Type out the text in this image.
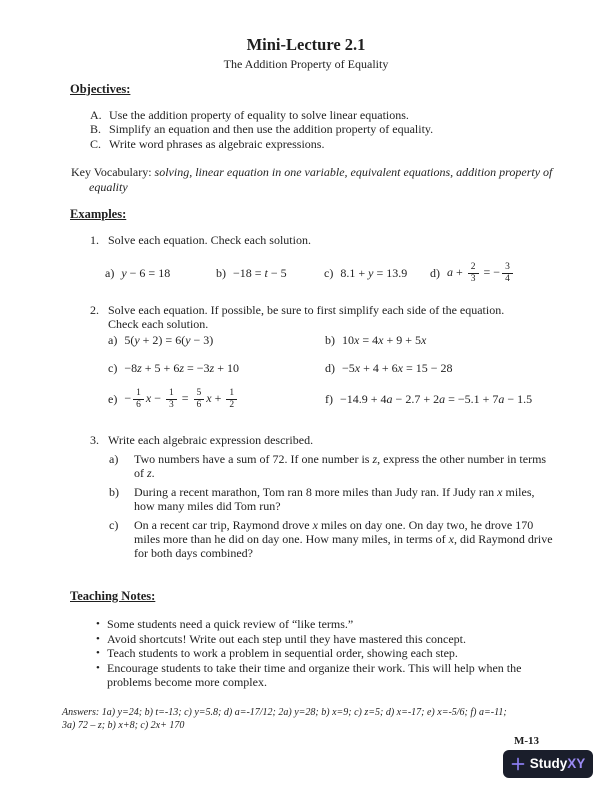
Mini-Lecture 2.1
The Addition Property of Equality
Objectives:
A. Use the addition property of equality to solve linear equations.
B. Simplify an equation and then use the addition property of equality.
C. Write word phrases as algebraic expressions.

Key Vocabulary: solving, linear equation in one variable, equivalent equations, addition property of equality

Examples:
1. Solve each equation. Check each solution.
a) y − 6 = 18	b) −18 = t − 5	c) 8.1 + y = 13.9 d) $a + \frac{2}{3}$ = − $\frac{3}{4}$
2. Solve each equation. If possible, be sure to first simplify each side of the equation.
Check each solution.
a) 5(y + 2) = 6(y − 3)	b) 10x = 4x + 9 + 5x
c) −8z + 5 + 6z = −3z + 10	d) −5x + 4 + 6x = 15 − 28
$e) - \frac{1}{6}$ $x - \frac{1}{3} = \frac{5}{6}$ $x + \frac{1}{2}$	f) −14.9 + 4a − 2.7 + 2a = −5.1 + 7a − 1.5
3. Write each algebraic expression described.
a)	Two numbers have a sum of 72. If one number is z, express the other number in terms of z.
b)	During a recent marathon, Tom ran 8 more miles than Judy ran. If Judy ran x miles, how many miles did Tom run?
c)	On a recent car trip, Raymond drove x miles on day one. On day two, he drove 170 miles more than he did on day one. How many miles, in terms of x, did Raymond drive for both days combined?
Teaching Notes:
• Some students need a quick review of “like terms.”
• Avoid shortcuts! Write out each step until they have mastered this concept.
• Teach students to work a problem in sequential order, showing each step.
• Encourage students to take their time and organize their work. This will help when the problems become more complex.
Answers: 1a) y=24; b) t=-13; c) y=5.8; d) a=-17/12; 2a) y=28; b) x=9; c) z=5; d) x=-17; e) x=-5/6; f) a=-11;
3a) 72 – z; b) x+8; c) 2x+ 170
M-13
StudyXY
